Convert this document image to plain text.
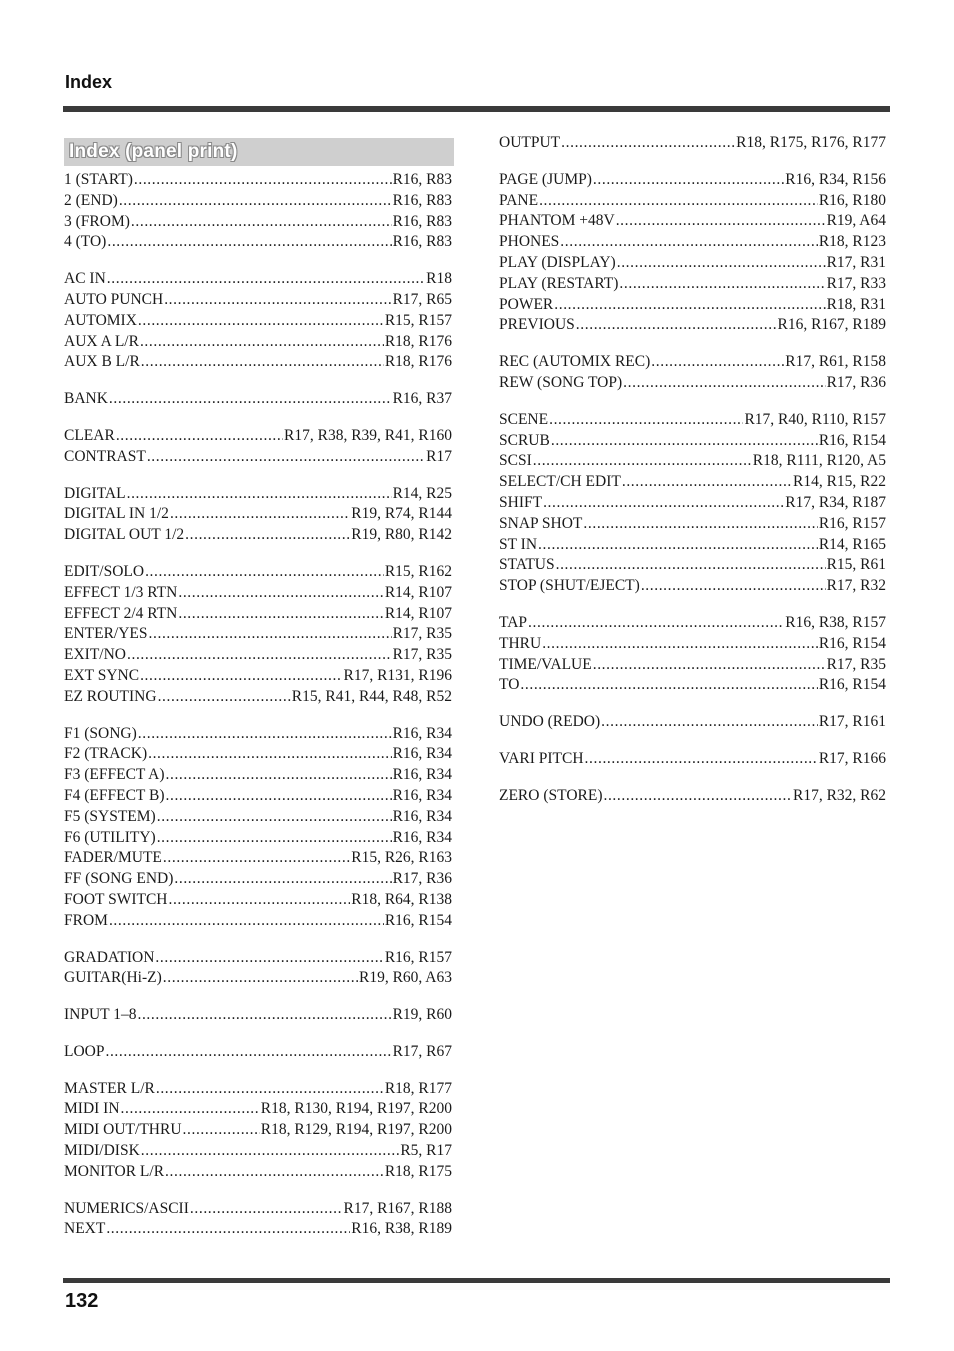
Index
Index (panel print)
1 (START) .....	R16, R83
2 (END) .....	R16, R83
3 (FROM) .....	R16, R83
4 (TO) .....	R16, R83
AC IN .....	R18
AUTO PUNCH .....	R17, R65
AUTOMIX .....	R15, R157
AUX A L/R .....	R18, R176
AUX B L/R .....	R18, R176
BANK .....	R16, R37
CLEAR .....	R17, R38, R39, R41, R160
CONTRAST .....	R17
DIGITAL .....	R14, R25
DIGITAL IN 1/2 .....	R19, R74, R144
DIGITAL OUT 1/2 .....	R19, R80, R142
EDIT/SOLO .....	R15, R162
EFFECT 1/3 RTN .....	R14, R107
EFFECT 2/4 RTN .....	R14, R107
ENTER/YES .....	R17, R35
EXIT/NO .....	R17, R35
EXT SYNC .....	R17, R131, R196
EZ ROUTING .....	R15, R41, R44, R48, R52
F1 (SONG) .....	R16, R34
F2 (TRACK) .....	R16, R34
F3 (EFFECT A) .....	R16, R34
F4 (EFFECT B) .....	R16, R34
F5 (SYSTEM) .....	R16, R34
F6 (UTILITY) .....	R16, R34
FADER/MUTE .....	R15, R26, R163
FF (SONG END) .....	R17, R36
FOOT SWITCH .....	R18, R64, R138
FROM .....	R16, R154
GRADATION .....	R16, R157
GUITAR(Hi-Z) .....	R19, R60, A63
INPUT 1–8 .....	R19, R60
LOOP .....	R17, R67
MASTER L/R .....	R18, R177
MIDI IN .....	R18, R130, R194, R197, R200
MIDI OUT/THRU .....	R18, R129, R194, R197, R200
MIDI/DISK .....	R5, R17
MONITOR L/R .....	R18, R175
NUMERICS/ASCII .....	R17, R167, R188
NEXT .....	R16, R38, R189
OUTPUT .....	R18, R175, R176, R177
PAGE (JUMP) .....	R16, R34, R156
PANE .....	R16, R180
PHANTOM +48V .....	R19, A64
PHONES .....	R18, R123
PLAY (DISPLAY) .....	R17, R31
PLAY (RESTART) .....	R17, R33
POWER .....	R18, R31
PREVIOUS .....	R16, R167, R189
REC (AUTOMIX REC) .....	R17, R61, R158
REW (SONG TOP) .....	R17, R36
SCENE .....	R17, R40, R110, R157
SCRUB .....	R16, R154
SCSI .....	R18, R111, R120, A5
SELECT/CH EDIT .....	R14, R15, R22
SHIFT .....	R17, R34, R187
SNAP SHOT .....	R16, R157
ST IN .....	R14, R165
STATUS .....	R15, R61
STOP (SHUT/EJECT) .....	R17, R32
TAP .....	R16, R38, R157
THRU .....	R16, R154
TIME/VALUE .....	R17, R35
TO .....	R16, R154
UNDO (REDO) .....	R17, R161
VARI PITCH .....	R17, R166
ZERO (STORE) .....	R17, R32, R62
132
